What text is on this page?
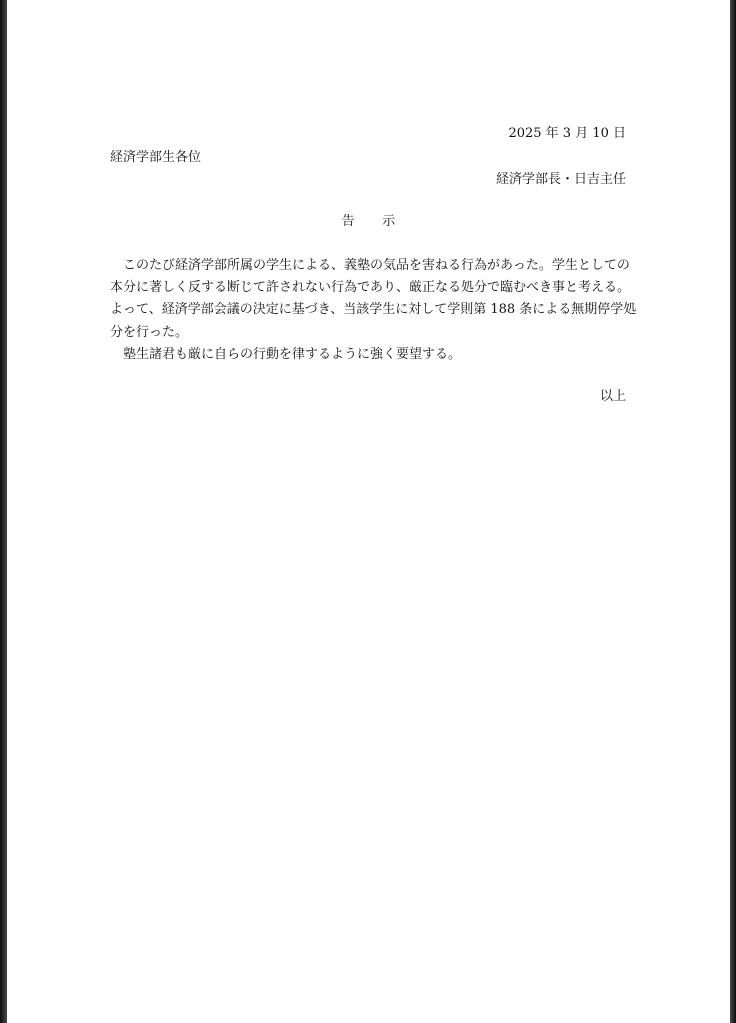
2025 年 3 月 10 日
経済学部生各位
経済学部長・日吉主任
告 示
　このたび経済学部所属の学生による、義塾の気品を害ねる行為があった。学生としての
本分に著しく反する断じて許されない行為であり、厳正なる処分で臨むべき事と考える。
よって、経済学部会議の決定に基づき、当該学生に対して学則第 188 条による無期停学処
分を行った。
　塾生諸君も厳に自らの行動を律するように強く要望する。
以上
